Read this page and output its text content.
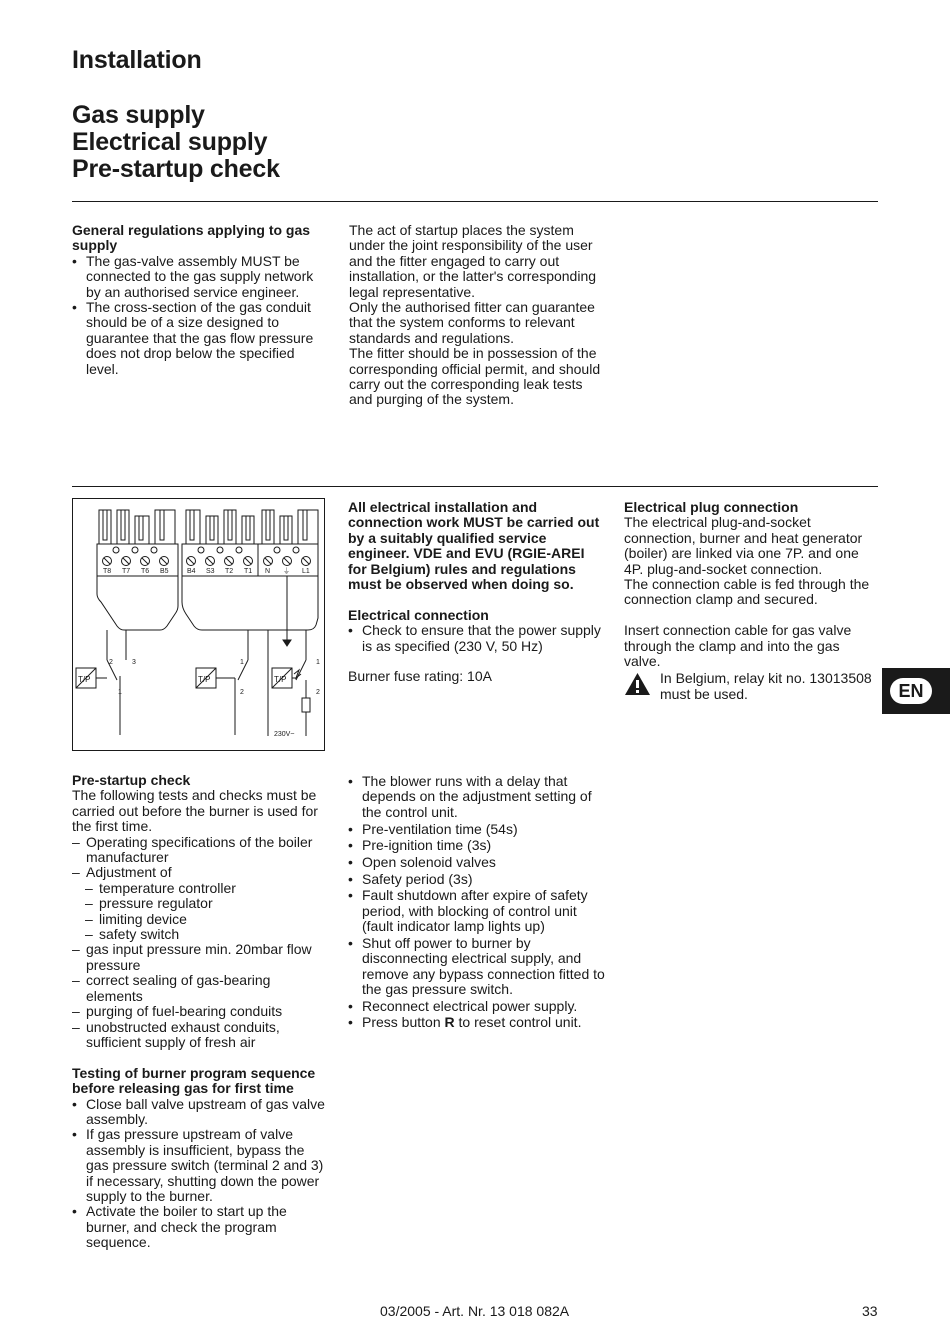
Installation
Gas supply
Electrical supply
Pre-startup check

General regulations applying to gas supply

• The gas-valve assembly MUST be connected to the gas supply network by an authorised service engineer.

• The cross-section of the gas conduit should be of a size designed to guarantee that the gas flow pressure does not drop below the specified level.

The act of startup places the system under the joint responsibility of the user and the fitter engaged to carry out installation, or the latter's corresponding legal representative.

Only the authorised fitter can guarantee that the system conforms to relevant standards and regulations.

The fitter should be in possession of the corresponding official permit, and should carry out the corresponding leak tests and purging of the system.

T8 T7 T6 B5	B4 S3 T2 T1 N ⏚ L1
2	3
1
1
2
1
2
230V~
T/P	T/P	T/P

All electrical installation and connection work MUST be carried out by a suitably qualified service engineer. VDE and EVU (RGIE-AREI for Belgium) rules and regulations must be observed when doing so.

Electrical connection

• Check to ensure that the power supply is as specified (230 V, 50 Hz)

Burner fuse rating: 10A

Electrical plug connection

The electrical plug-and-socket connection, burner and heat generator (boiler) are linked via one 7P. and one 4P. plug-and-socket connection.

The connection cable is fed through the connection clamp and secured.

Insert connection cable for gas valve through the clamp and into the gas valve.

In Belgium, relay kit no. 13013508 must be used.	EN

Pre-startup check

The following tests and checks must be carried out before the burner is used for the first time.

– Operating specifications of the boiler manufacturer

– Adjustment of

– temperature controller

– pressure regulator

– limiting device

– safety switch

– gas input pressure min. 20mbar flow pressure

– correct sealing of gas-bearing elements

– purging of fuel-bearing conduits

– unobstructed exhaust conduits, sufficient supply of fresh air

Testing of burner program sequence before releasing gas for first time

• Close ball valve upstream of gas valve assembly.

• If gas pressure upstream of valve assembly is insufficient, bypass the gas pressure switch (terminal 2 and 3) if necessary, shutting down the power supply to the burner.

• Activate the boiler to start up the burner, and check the program sequence.

• The blower runs with a delay that depends on the adjustment setting of the control unit.

• Pre-ventilation time (54s)

• Pre-ignition time (3s)

• Open solenoid valves

• Safety period (3s)

• Fault shutdown after expire of safety period, with blocking of control unit (fault indicator lamp lights up)

• Shut off power to burner by disconnecting electrical supply, and remove any bypass connection fitted to the gas pressure switch.

• Reconnect electrical power supply.

• Press button R to reset control unit.

03/2005 - Art. Nr. 13 018 082A	33
